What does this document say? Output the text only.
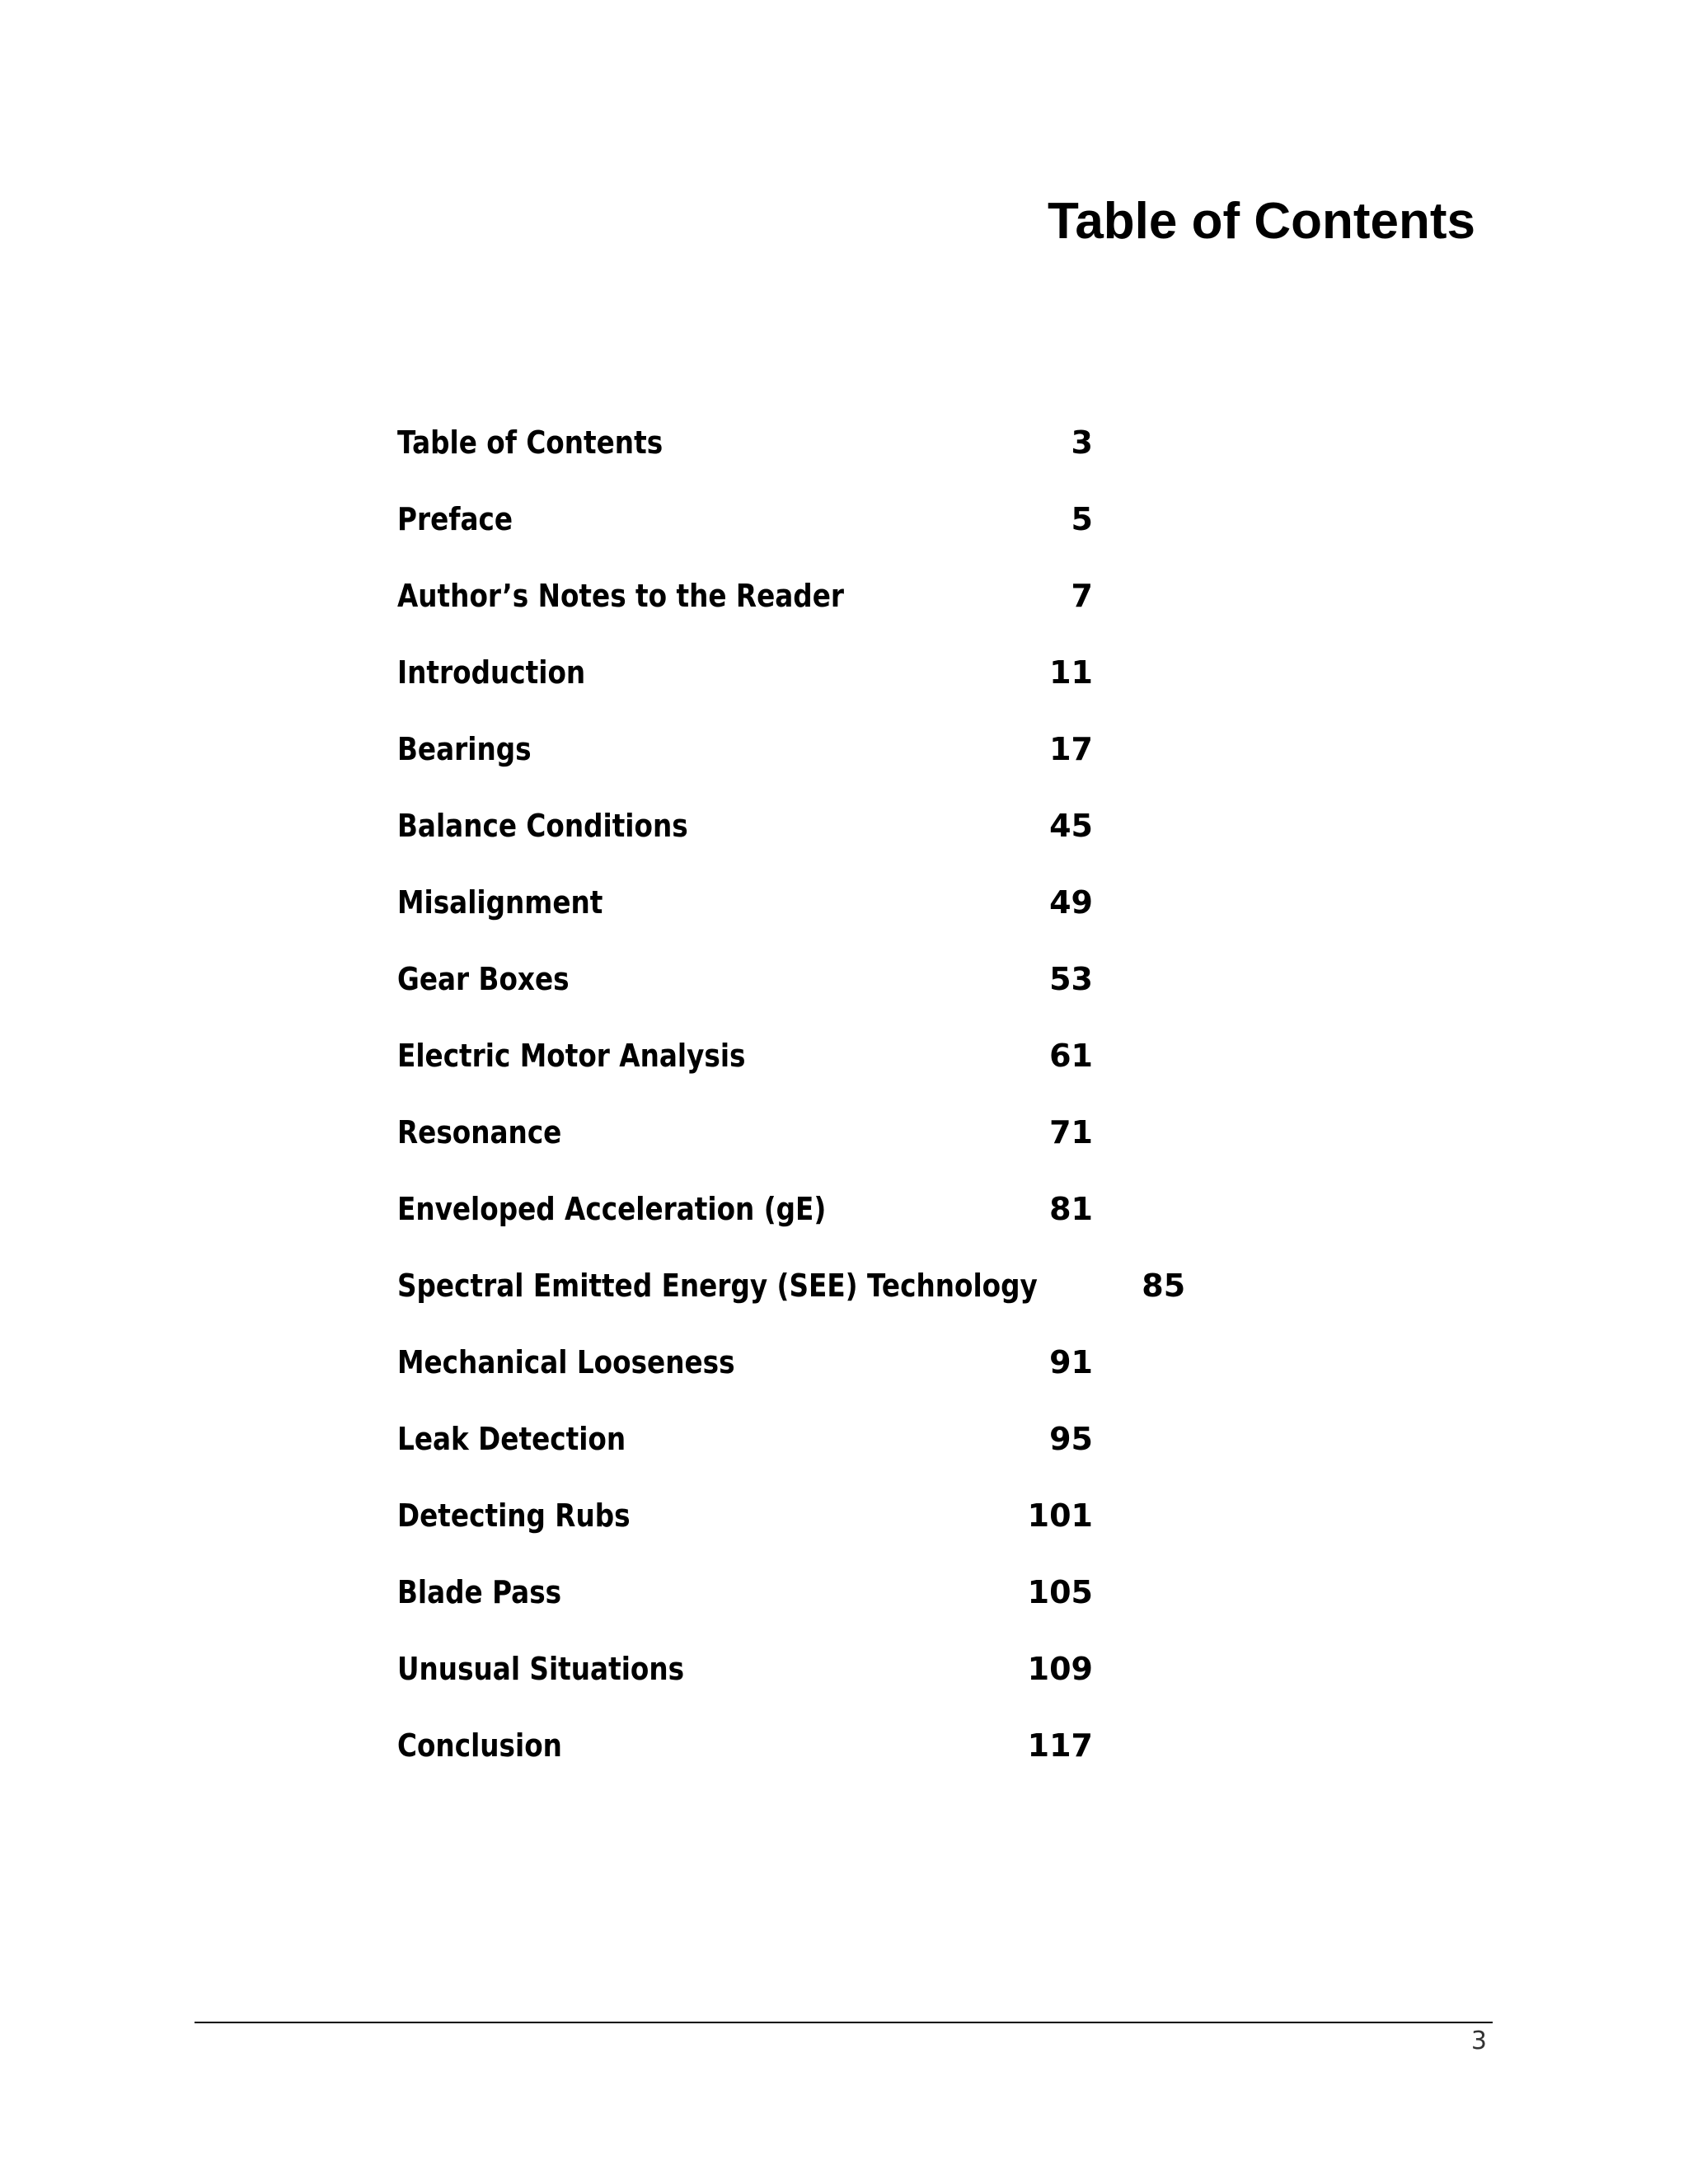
Table of Contents
Table of Contents	3
Preface	5
Author’s Notes to the Reader	7
Introduction	11
Bearings	17
Balance Conditions	45
Misalignment	49
Gear Boxes	53
Electric Motor Analysis	61
Resonance	71
Enveloped Acceleration (gE)	81
Spectral Emitted Energy (SEE) Technology	85
Mechanical Looseness	91
Leak Detection	95
Detecting Rubs	101
Blade Pass	105
Unusual Situations	109
Conclusion	117
3
